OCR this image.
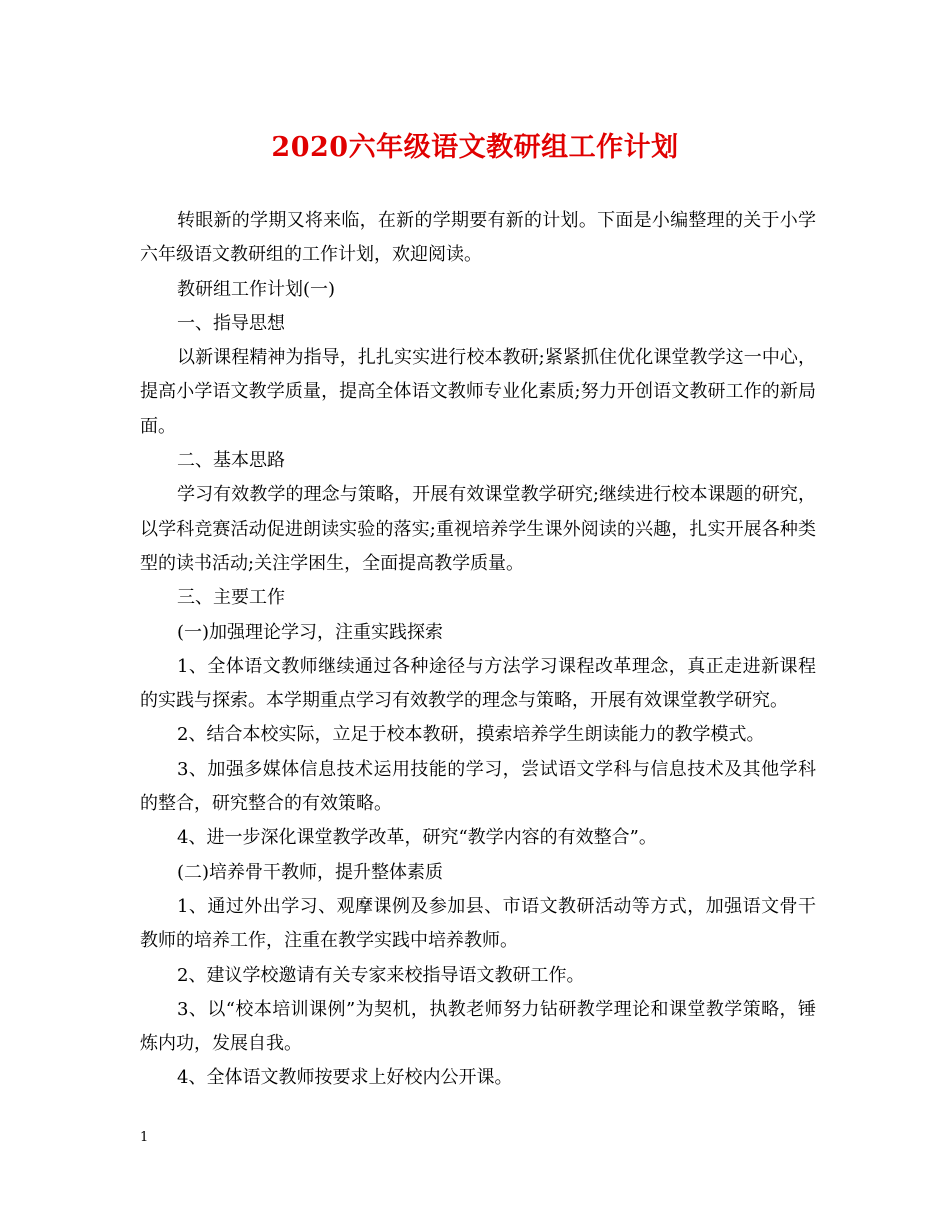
2020六年级语文教研组工作计划

转眼新的学期又将来临，在新的学期要有新的计划。下面是小编整理的关于小学六年级语文教研组的工作计划，欢迎阅读。

教研组工作计划(一)

一、指导思想

以新课程精神为指导，扎扎实实进行校本教研;紧紧抓住优化课堂教学这一中心，提高小学语文教学质量，提高全体语文教师专业化素质;努力开创语文教研工作的新局面。

二、基本思路

学习有效教学的理念与策略，开展有效课堂教学研究;继续进行校本课题的研究，以学科竞赛活动促进朗读实验的落实;重视培养学生课外阅读的兴趣，扎实开展各种类型的读书活动;关注学困生，全面提高教学质量。

三、主要工作

(一)加强理论学习，注重实践探索

1、全体语文教师继续通过各种途径与方法学习课程改革理念，真正走进新课程的实践与探索。本学期重点学习有效教学的理念与策略，开展有效课堂教学研究。

2、结合本校实际，立足于校本教研，摸索培养学生朗读能力的教学模式。

3、加强多媒体信息技术运用技能的学习，尝试语文学科与信息技术及其他学科的整合，研究整合的有效策略。

4、进一步深化课堂教学改革，研究“教学内容的有效整合”。

(二)培养骨干教师，提升整体素质

1、通过外出学习、观摩课例及参加县、市语文教研活动等方式，加强语文骨干教师的培养工作，注重在教学实践中培养教师。

2、建议学校邀请有关专家来校指导语文教研工作。

3、以“校本培训课例”为契机，执教老师努力钻研教学理论和课堂教学策略，锤炼内功，发展自我。

4、全体语文教师按要求上好校内公开课。

1
